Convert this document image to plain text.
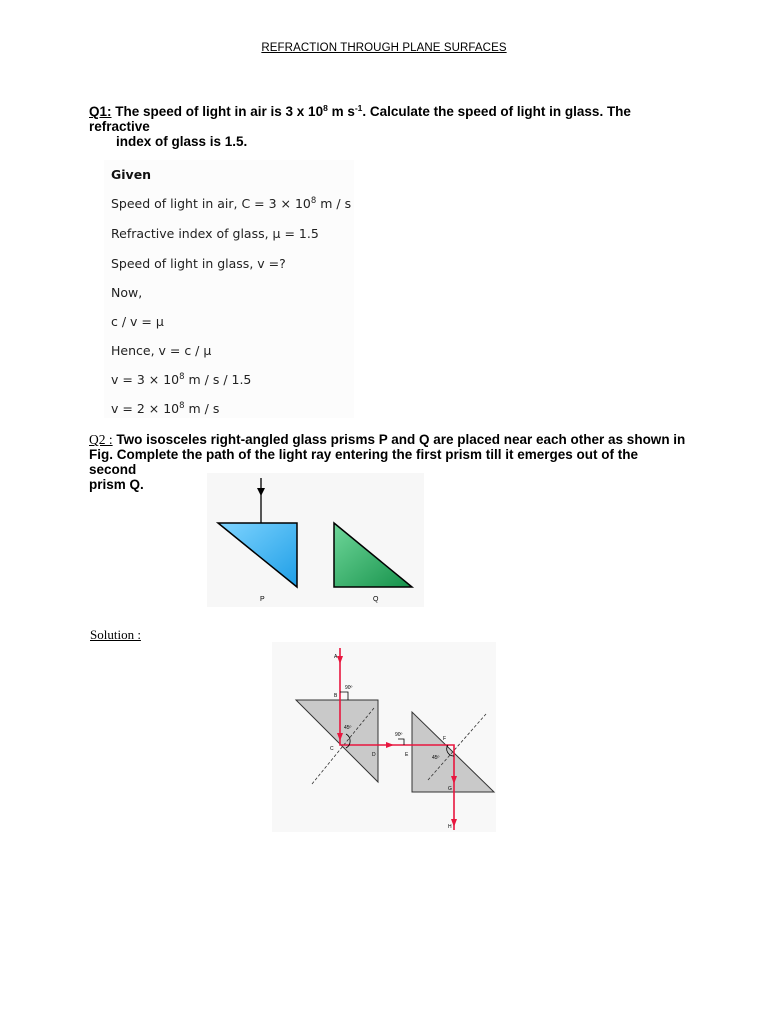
REFRACTION THROUGH PLANE SURFACES
Q1: The speed of light in air is 3 x $10^8$ m $s^{-1}$. Calculate the speed of light in glass. The refractive
index of glass is 1.5.
Given
Speed of light in air, $C = 3 \times 10^8$ m / s
Refractive index of glass, μ = 1.5
Speed of light in glass, v =?
Now,
c / v = μ
Hence, v = c / μ
$v = 3 \times 10^8$ m / s / 1.5
$v = 2 \times 10^8$ m / s
Q2 : Two isosceles right-angled glass prisms P and Q are placed near each other as shown in
Fig. Complete the path of the light ray entering the first prism till it emerges out of the second
prism Q.
P	Q
Solution :
A
B
C
D	E
F
G
H
90º
45º
90º
45º
